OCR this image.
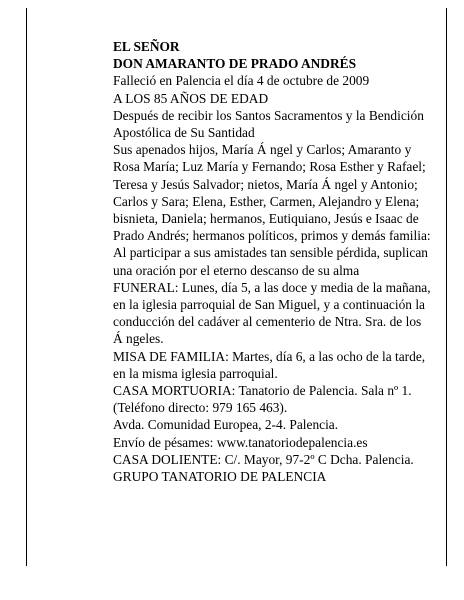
EL SEÑOR

DON AMARANTO DE PRADO ANDRÉS

Falleció en Palencia el día 4 de octubre de 2009

A LOS 85 AÑOS DE EDAD

Después de recibir los Santos Sacramentos y la Bendición Apostólica de Su Santidad

Sus apenados hijos, María Á ngel y Carlos; Amaranto y Rosa María; Luz María y Fernando; Rosa Esther y Rafael; Teresa y Jesús Salvador; nietos, María Á ngel y Antonio; Carlos y Sara; Elena, Esther, Carmen, Alejandro y Elena; bisnieta, Daniela; hermanos, Eutiquiano, Jesús e Isaac de Prado Andrés; hermanos políticos, primos y demás familia:

Al participar a sus amistades tan sensible pérdida, suplican una oración por el eterno descanso de su alma

FUNERAL: Lunes, día 5, a las doce y media de la mañana, en la iglesia parroquial de San Miguel, y a continuación la conducción del cadáver al cementerio de Ntra. Sra. de los Á ngeles.

MISA DE FAMILIA: Martes, día 6, a las ocho de la tarde, en la misma iglesia parroquial.

CASA MORTUORIA: Tanatorio de Palencia. Sala nº 1. (Teléfono directo: 979 165 463).

Avda. Comunidad Europea, 2-4. Palencia.

Envío de pésames: www.tanatoriodepalencia.es

CASA DOLIENTE: C/. Mayor, 97-2º C Dcha. Palencia.

GRUPO TANATORIO DE PALENCIA
